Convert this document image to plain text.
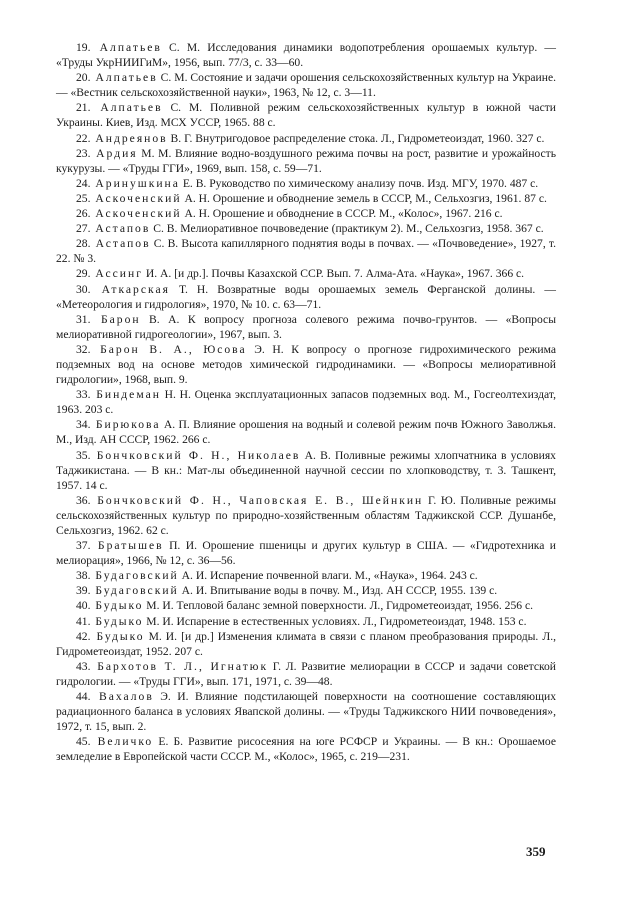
19. Алпатьев С. М. Исследования динамики водопотребления орошаемых культур. — «Труды УкрНИИГиМ», 1956, вып. 77/3, с. 33—60.
20. Алпатьев С. М. Состояние и задачи орошения сельскохозяйственных культур на Украине. — «Вестник сельскохозяйственной науки», 1963, № 12, с. 3—11.
21. Алпатьев С. М. Поливной режим сельскохозяйственных культур в южной части Украины. Киев, Изд. МСХ УССР, 1965. 88 с.
22. Андреянов В. Г. Внутригодовое распределение стока. Л., Гидрометеоиздат, 1960. 327 с.
23. Ардия М. М. Влияние водно-воздушного режима почвы на рост, развитие и урожайность кукурузы. — «Труды ГГИ», 1969, вып. 158, с. 59—71.
24. Аринушкина Е. В. Руководство по химическому анализу почв. Изд. МГУ, 1970. 487 с.
25. Аскоченский А. Н. Орошение и обводнение земель в СССР, М., Сельхозгиз, 1961. 87 с.
26. Аскоченский А. Н. Орошение и обводнение в СССР. М., «Колос», 1967. 216 с.
27. Астапов С. В. Мелиоративное почвоведение (практикум 2). М., Сельхозгиз, 1958. 367 с.
28. Астапов С. В. Высота капиллярного поднятия воды в почвах. — «Почвоведение», 1927, т. 22. № 3.
29. Ассинг И. А. [и др.]. Почвы Казахской ССР. Вып. 7. Алма-Ата. «Наука», 1967. 366 с.
30. Аткарская Т. Н. Возвратные воды орошаемых земель Ферганской долины. — «Метеорология и гидрология», 1970, № 10. с. 63—71.
31. Барон В. А. К вопросу прогноза солевого режима почво-грунтов. — «Вопросы мелиоративной гидрогеологии», 1967, вып. 3.
32. Барон В. А., Юсова Э. Н. К вопросу о прогнозе гидрохимического режима подземных вод на основе методов химической гидродинамики. — «Вопросы мелиоративной гидрологии», 1968, вып. 9.
33. Биндеман Н. Н. Оценка эксплуатационных запасов подземных вод. М., Госгеолтехиздат, 1963. 203 с.
34. Бирюкова А. П. Влияние орошения на водный и солевой режим почв Южного Заволжья. М., Изд. АН СССР, 1962. 266 с.
35. Бончковский Ф. Н., Николаев А. В. Поливные режимы хлопчатника в условиях Таджикистана. — В кн.: Мат-лы объединенной научной сессии по хлопководству, т. 3. Ташкент, 1957. 14 с.
36. Бончковский Ф. Н., Чаповская Е. В., Шейнкин Г. Ю. Поливные режимы сельскохозяйственных культур по природно-хозяйственным областям Таджикской ССР. Душанбе, Сельхозгиз, 1962. 62 с.
37. Братышев П. И. Орошение пшеницы и других культур в США. — «Гидротехника и мелиорация», 1966, № 12, с. 36—56.
38. Будаговский А. И. Испарение почвенной влаги. М., «Наука», 1964. 243 с.
39. Будаговский А. И. Впитывание воды в почву. М., Изд. АН СССР, 1955. 139 с.
40. Будыко М. И. Тепловой баланс земной поверхности. Л., Гидрометеоиздат, 1956. 256 с.
41. Будыко М. И. Испарение в естественных условиях. Л., Гидрометеоиздат, 1948. 153 с.
42. Будыко М. И. [и др.] Изменения климата в связи с планом преобразования природы. Л., Гидрометеоиздат, 1952. 207 с.
43. Бархотов Т. Л., Игнатюк Г. Л. Развитие мелиорации в СССР и задачи советской гидрологии. — «Труды ГГИ», вып. 171, 1971, с. 39—48.
44. Вахалов Э. И. Влияние подстилающей поверхности на соотношение составляющих радиационного баланса в условиях Явапской долины. — «Труды Таджикского НИИ почвоведения», 1972, т. 15, вып. 2.
45. Величко Е. Б. Развитие рисосеяния на юге РСФСР и Украины. — В кн.: Орошаемое земледелие в Европейской части СССР. М., «Колос», 1965, с. 219—231.
359
